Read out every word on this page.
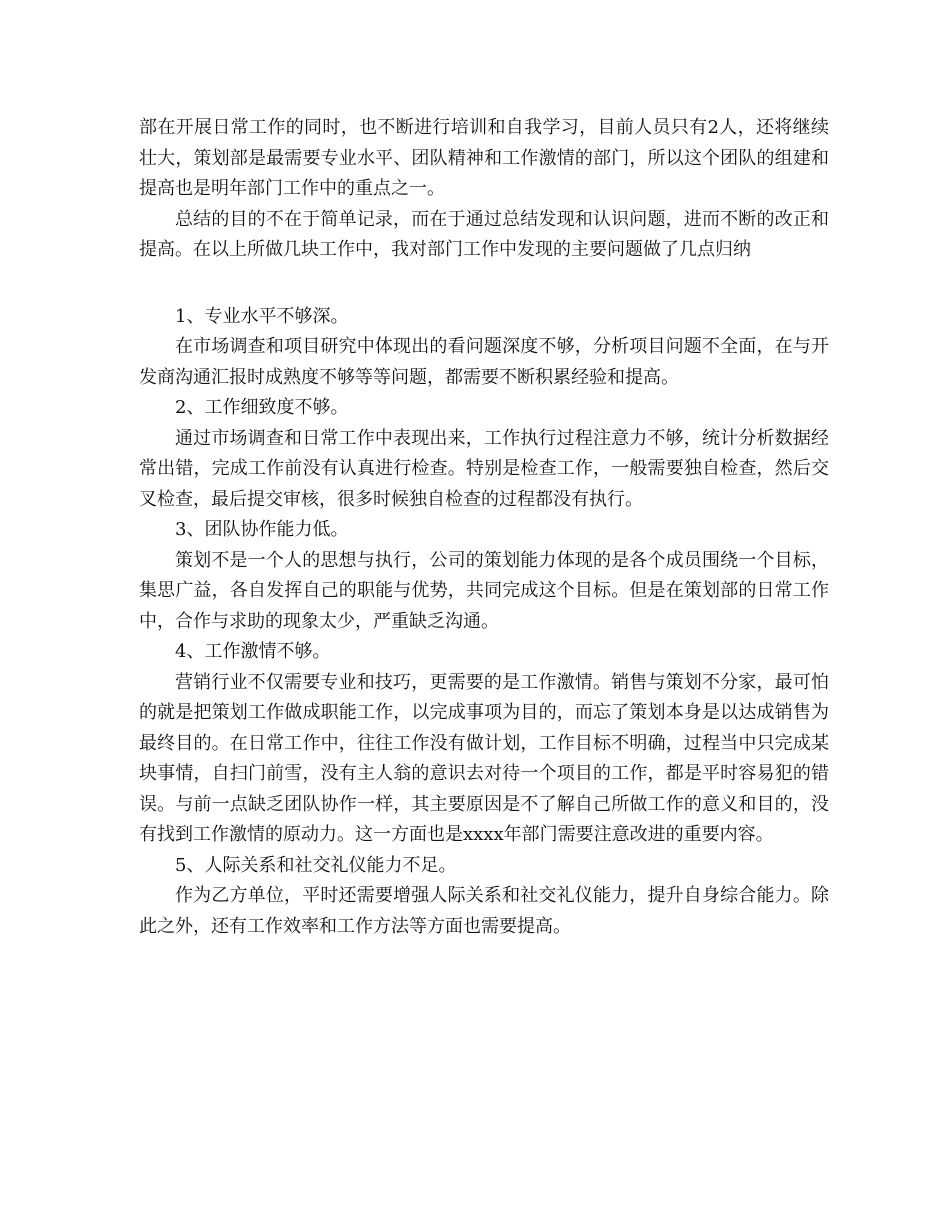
部在开展日常工作的同时，也不断进行培训和自我学习，目前人员只有2人，还将继续壮大，策划部是最需要专业水平、团队精神和工作激情的部门，所以这个团队的组建和提高也是明年部门工作中的重点之一。

总结的目的不在于简单记录，而在于通过总结发现和认识问题，进而不断的改正和提高。在以上所做几块工作中，我对部门工作中发现的主要问题做了几点归纳

1、专业水平不够深。

在市场调查和项目研究中体现出的看问题深度不够，分析项目问题不全面，在与开发商沟通汇报时成熟度不够等等问题，都需要不断积累经验和提高。

2、工作细致度不够。

通过市场调查和日常工作中表现出来，工作执行过程注意力不够，统计分析数据经常出错，完成工作前没有认真进行检查。特别是检查工作，一般需要独自检查，然后交叉检查，最后提交审核，很多时候独自检查的过程都没有执行。

3、团队协作能力低。

策划不是一个人的思想与执行，公司的策划能力体现的是各个成员围绕一个目标，集思广益，各自发挥自己的职能与优势，共同完成这个目标。但是在策划部的日常工作中，合作与求助的现象太少，严重缺乏沟通。

4、工作激情不够。

营销行业不仅需要专业和技巧，更需要的是工作激情。销售与策划不分家，最可怕的就是把策划工作做成职能工作，以完成事项为目的，而忘了策划本身是以达成销售为最终目的。在日常工作中，往往工作没有做计划，工作目标不明确，过程当中只完成某块事情，自扫门前雪，没有主人翁的意识去对待一个项目的工作，都是平时容易犯的错误。与前一点缺乏团队协作一样，其主要原因是不了解自己所做工作的意义和目的，没有找到工作激情的原动力。这一方面也是xxxx年部门需要注意改进的重要内容。

5、人际关系和社交礼仪能力不足。

作为乙方单位，平时还需要增强人际关系和社交礼仪能力，提升自身综合能力。除此之外，还有工作效率和工作方法等方面也需要提高。
